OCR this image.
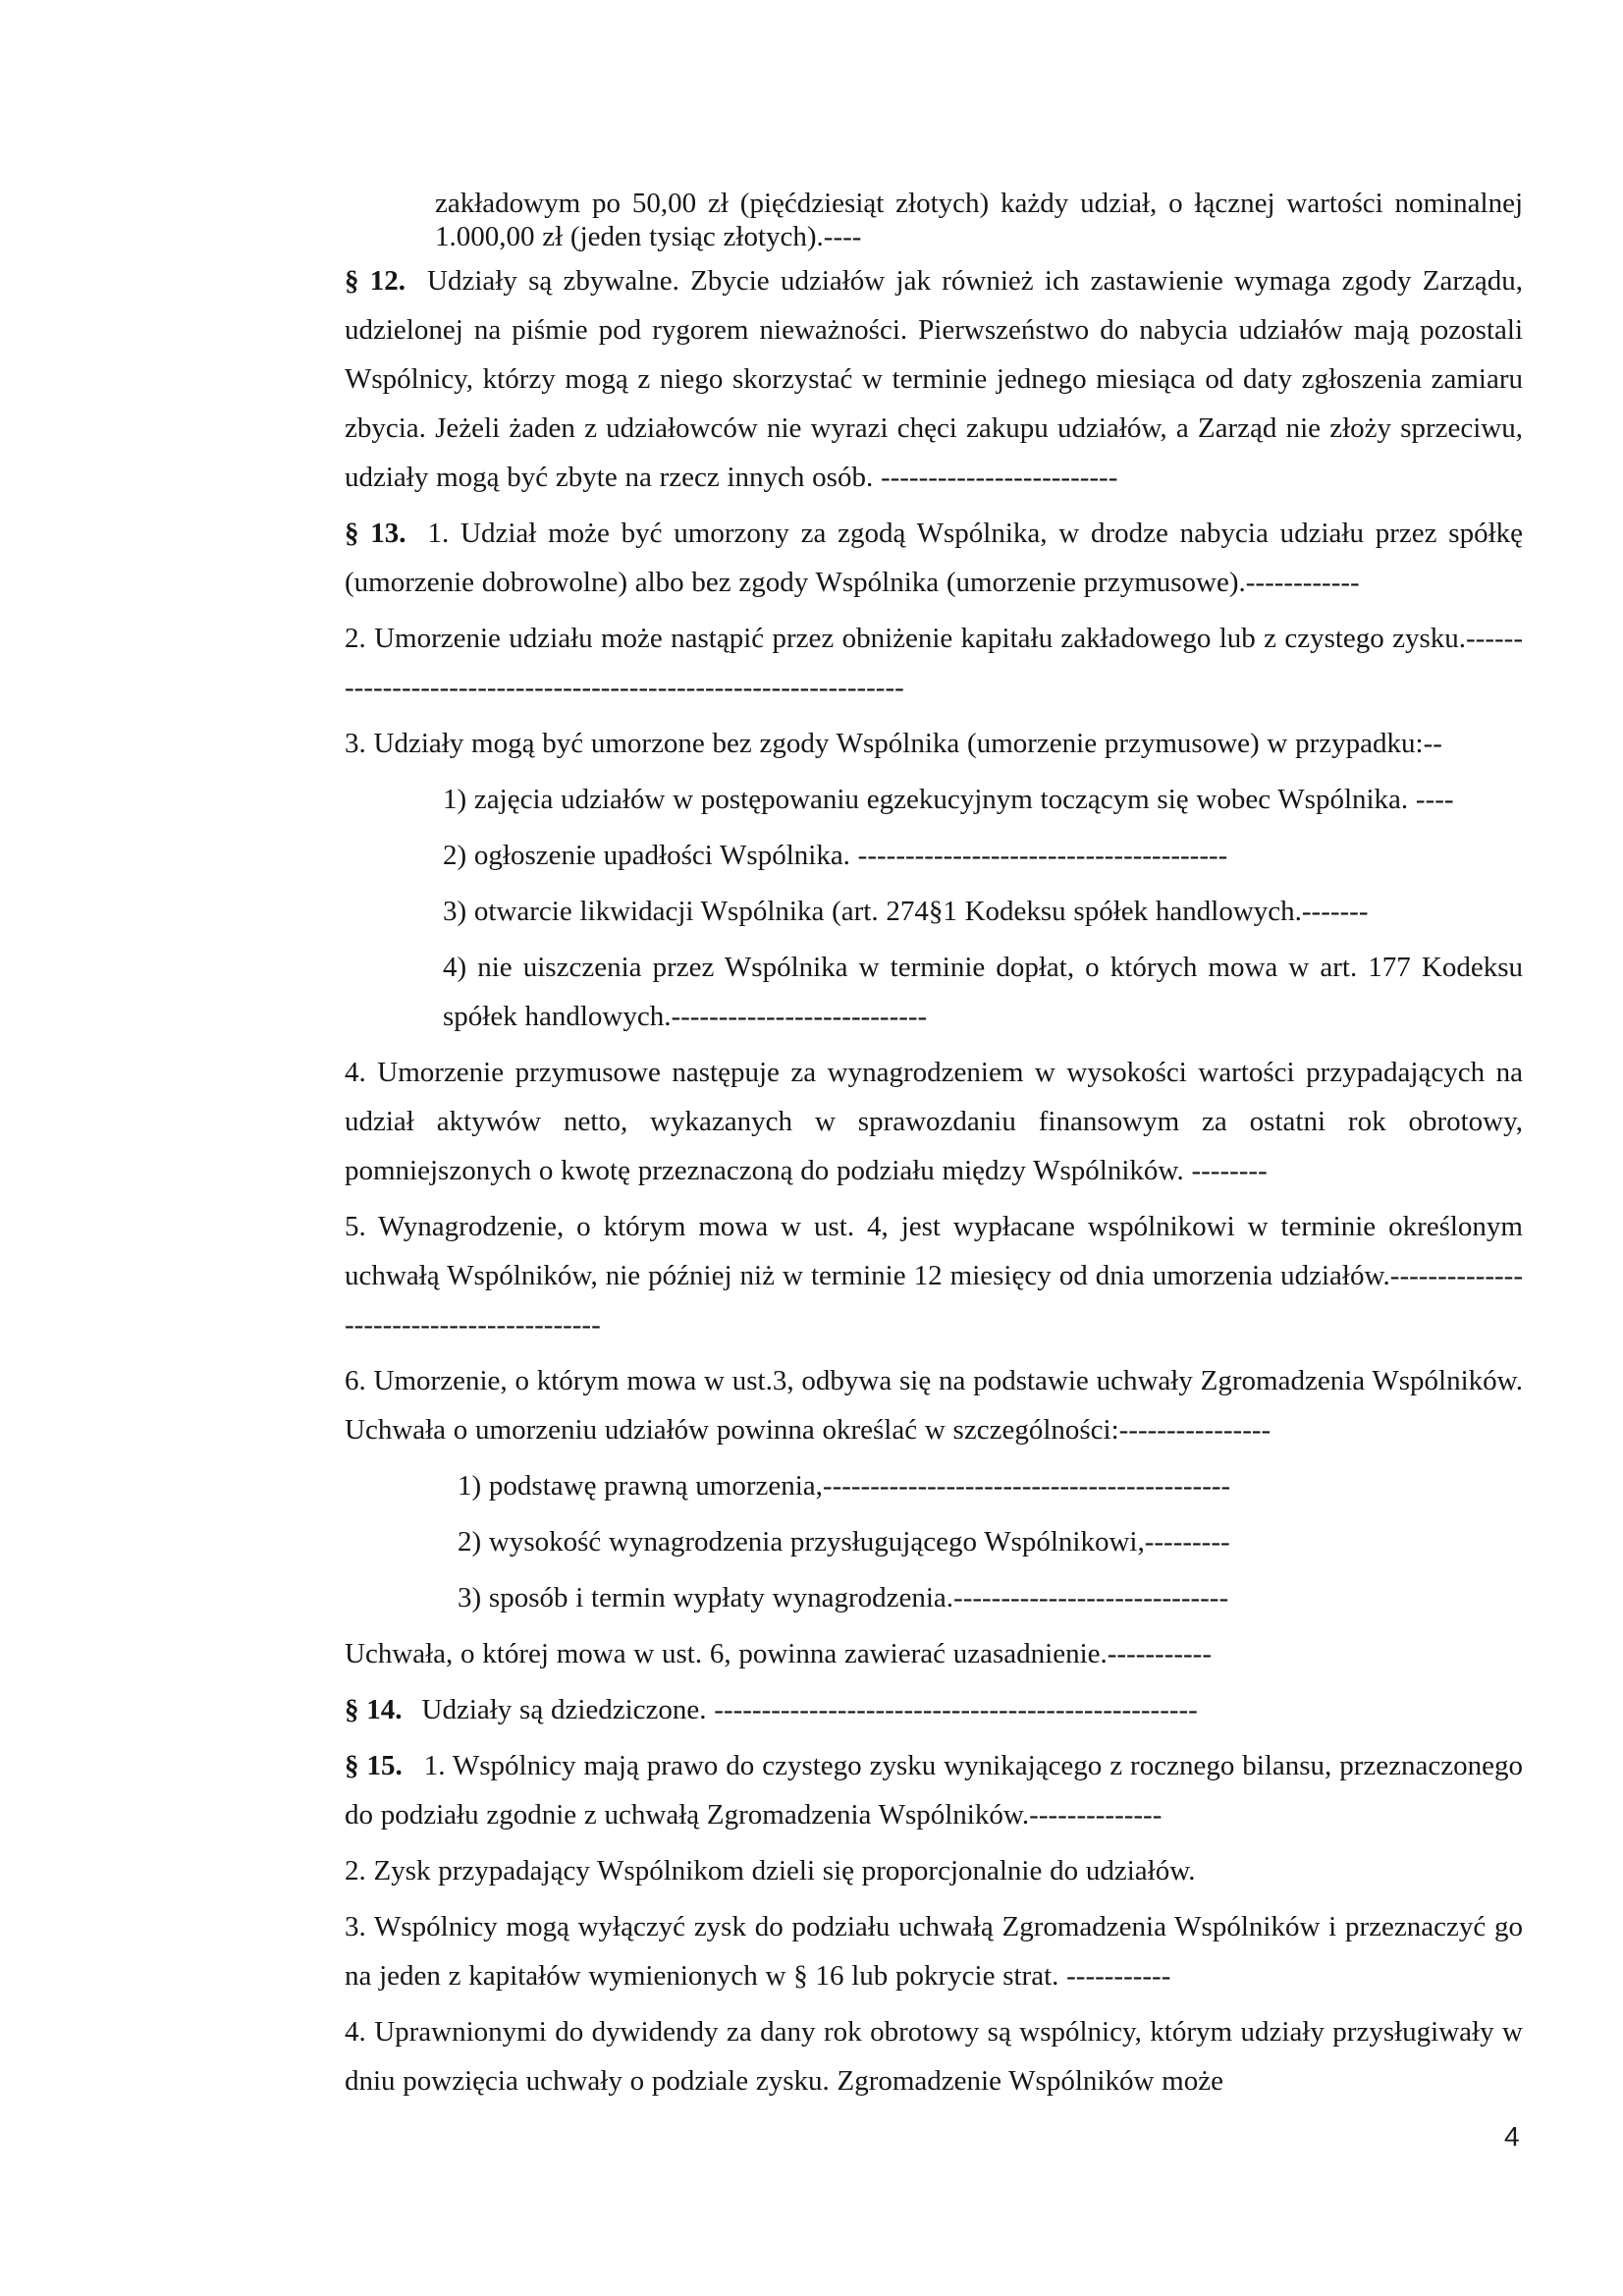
zakładowym po 50,00 zł (pięćdziesiąt złotych) każdy udział, o łącznej wartości nominalnej 1.000,00 zł (jeden tysiąc złotych).----

§ 12. Udziały są zbywalne. Zbycie udziałów jak również ich zastawienie wymaga zgody Zarządu, udzielonej na piśmie pod rygorem nieważności. Pierwszeństwo do nabycia udziałów mają pozostali Wspólnicy, którzy mogą z niego skorzystać w terminie jednego miesiąca od daty zgłoszenia zamiaru zbycia. Jeżeli żaden z udziałowców nie wyrazi chęci zakupu udziałów, a Zarząd nie złoży sprzeciwu, udziały mogą być zbyte na rzecz innych osób. -------------------------

§ 13. 1. Udział może być umorzony za zgodą Wspólnika, w drodze nabycia udziału przez spółkę (umorzenie dobrowolne) albo bez zgody Wspólnika (umorzenie przymusowe).------------

2. Umorzenie udziału może nastąpić przez obniżenie kapitału zakładowego lub z czystego zysku.-----------------------------------------------------------------

3. Udziały mogą być umorzone bez zgody Wspólnika (umorzenie przymusowe) w przypadku:--

1) zajęcia udziałów w postępowaniu egzekucyjnym toczącym się wobec Wspólnika. ----

2) ogłoszenie upadłości Wspólnika. ---------------------------------------

3) otwarcie likwidacji Wspólnika (art. 274§1 Kodeksu spółek handlowych.-------

4) nie uiszczenia przez Wspólnika w terminie dopłat, o których mowa w art. 177 Kodeksu spółek handlowych.---------------------------

4. Umorzenie przymusowe następuje za wynagrodzeniem w wysokości wartości przypadających na udział aktywów netto, wykazanych w sprawozdaniu finansowym za ostatni rok obrotowy, pomniejszonych o kwotę przeznaczoną do podziału między Wspólników. --------

5. Wynagrodzenie, o którym mowa w ust. 4, jest wypłacane wspólnikowi w terminie określonym uchwałą Wspólników, nie później niż w terminie 12 miesięcy od dnia umorzenia udziałów.-----------------------------------------

6. Umorzenie, o którym mowa w ust.3, odbywa się na podstawie uchwały Zgromadzenia Wspólników. Uchwała o umorzeniu udziałów powinna określać w szczególności:----------------

1) podstawę prawną umorzenia,-------------------------------------------

2) wysokość wynagrodzenia przysługującego Wspólnikowi,---------

3) sposób i termin wypłaty wynagrodzenia.-----------------------------

Uchwała, o której mowa w ust. 6, powinna zawierać uzasadnienie.-----------

§ 14. Udziały są dziedziczone. ---------------------------------------------------

§ 15. 1. Wspólnicy mają prawo do czystego zysku wynikającego z rocznego bilansu, przeznaczonego do podziału zgodnie z uchwałą Zgromadzenia Wspólników.--------------

2. Zysk przypadający Wspólnikom dzieli się proporcjonalnie do udziałów.

3. Wspólnicy mogą wyłączyć zysk do podziału uchwałą Zgromadzenia Wspólników i przeznaczyć go na jeden z kapitałów wymienionych w § 16 lub pokrycie strat. -----------

4. Uprawnionymi do dywidendy za dany rok obrotowy są wspólnicy, którym udziały przysługiwały w dniu powzięcia uchwały o podziale zysku. Zgromadzenie Wspólników może

4
